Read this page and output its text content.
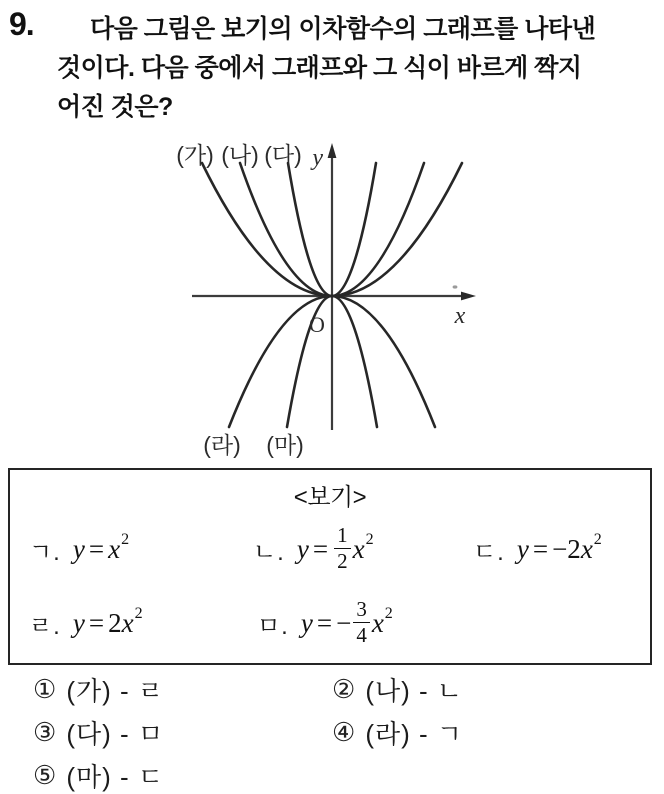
9.	다음 그림은 보기의 이차함수의 그래프를 나타낸
것이다. 다음 중에서 그래프와 그 식이 바르게 짝지
어진 것은?
(가) (나) (다)
(라) (마)
y
x
O
<보기>
ㄱ. $y = x^2$	ㄴ. $y = \frac{1}{2} x^2$	ㄷ. y = −2 $x^2$
ㄹ. y = 2 $x^2$	ㅁ. y = − $\frac{3}{4} x^2$
① (가) - ㄹ	② (나) - ㄴ
③ (다) - ㅁ	④ (라) - ㄱ
⑤ (마) - ㄷ
